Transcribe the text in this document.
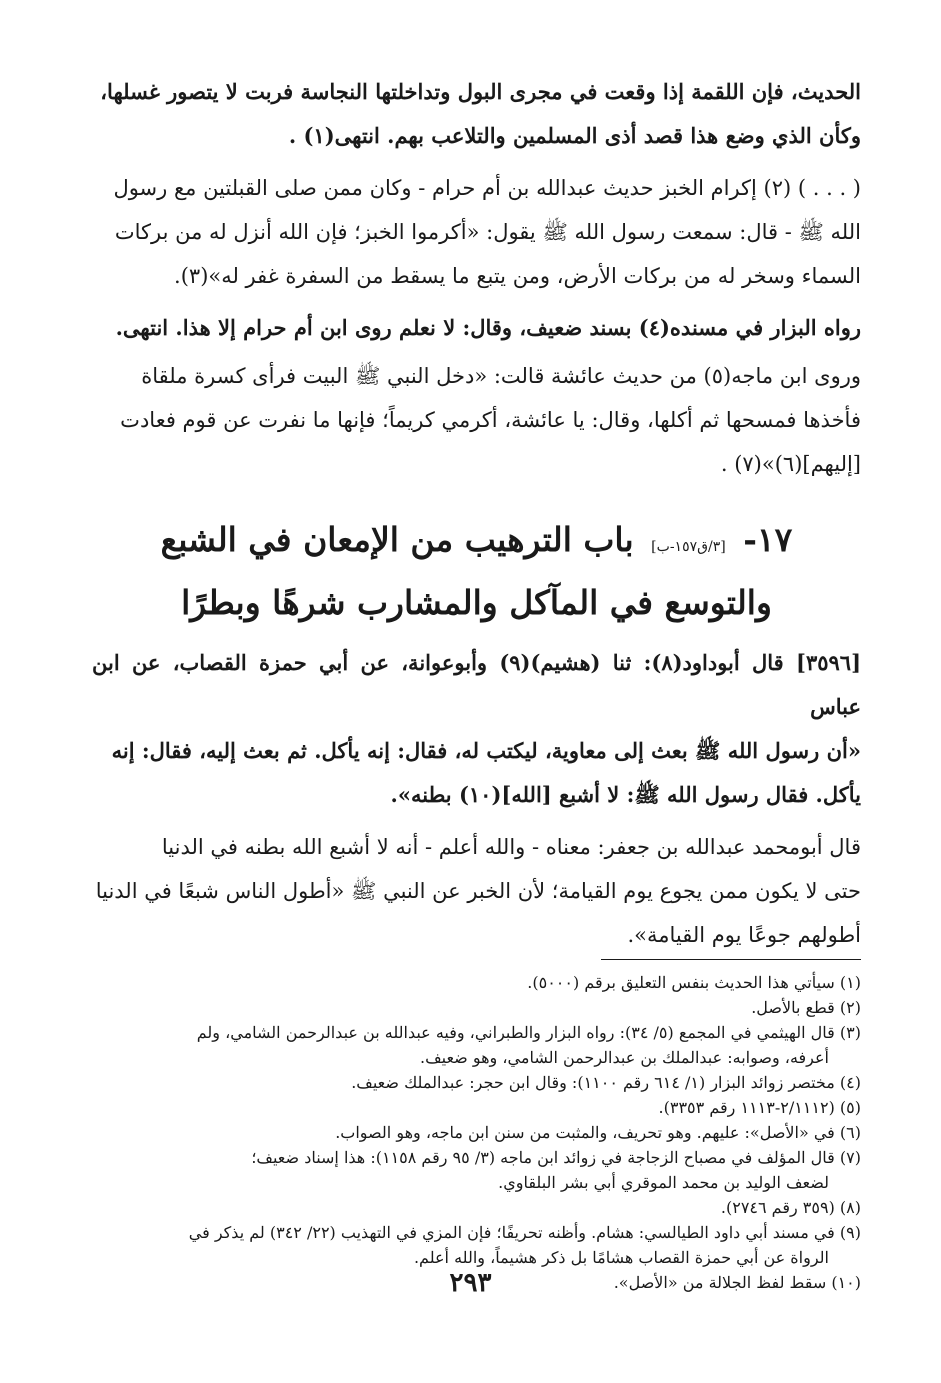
الحديث، فإن اللقمة إذا وقعت في مجرى البول وتداخلتها النجاسة فربت لا يتصور غسلها،

وكأن الذي وضع هذا قصد أذى المسلمين والتلاعب بهم. انتهى(١) .

( . . . ) (٢) إكرام الخبز حديث عبدالله بن أم حرام - وكان ممن صلى القبلتين مع رسول

الله ﷺ - قال: سمعت رسول الله ﷺ يقول: «أكرموا الخبز؛ فإن الله أنزل له من بركات

السماء وسخر له من بركات الأرض، ومن يتبع ما يسقط من السفرة غفر له»(٣).

رواه البزار في مسنده(٤) بسند ضعيف، وقال: لا نعلم روى ابن أم حرام إلا هذا. انتهى.

وروى ابن ماجه(٥) من حديث عائشة قالت: «دخل النبي ﷺ البيت فرأى كسرة ملقاة

فأخذها فمسحها ثم أكلها، وقال: يا عائشة، أكرمي كريماً؛ فإنها ما نفرت عن قوم فعادت

[إليهم](٦)»(٧) .

١٧- [٣/ق١٥٧-ب] باب الترهيب من الإمعان في الشبع

والتوسع في المآكل والمشارب شرهًا وبطرًا

[٣٥٩٦] قال أبوداود(٨): ثنا (هشيم)(٩) وأبوعوانة، عن أبي حمزة القصاب، عن ابن عباس

«أن رسول الله ﷺ بعث إلى معاوية، ليكتب له، فقال: إنه يأكل. ثم بعث إليه، فقال: إنه

يأكل. فقال رسول الله ﷺ: لا أشبع [الله](١٠) بطنه».

قال أبومحمد عبدالله بن جعفر: معناه - والله أعلم - أنه لا أشبع الله بطنه في الدنيا

حتى لا يكون ممن يجوع يوم القيامة؛ لأن الخبر عن النبي ﷺ «أطول الناس شبعًا في الدنيا

أطولهم جوعًا يوم القيامة».

(١) سيأتي هذا الحديث بنفس التعليق برقم (٥٠٠٠).

(٢) قطع بالأصل.

(٣) قال الهيثمي في المجمع (٥/ ٣٤): رواه البزار والطبراني، وفيه عبدالله بن عبدالرحمن الشامي، ولم

أعرفه، وصوابه: عبدالملك بن عبدالرحمن الشامي، وهو ضعيف.

(٤) مختصر زوائد البزار (١/ ٦١٤ رقم ١١٠٠): وقال ابن حجر: عبدالملك ضعيف.

(٥) (٢/١١١٢-١١١٣ رقم ٣٣٥٣).

(٦) في «الأصل»: عليهم. وهو تحريف، والمثبت من سنن ابن ماجه، وهو الصواب.

(٧) قال المؤلف في مصباح الزجاجة في زوائد ابن ماجه (٣/ ٩٥ رقم ١١٥٨): هذا إسناد ضعيف؛

لضعف الوليد بن محمد الموقري أبي بشر البلقاوي.

(٨) (٣٥٩ رقم ٢٧٤٦).

(٩) في مسند أبي داود الطيالسي: هشام. وأظنه تحريفًا؛ فإن المزي في التهذيب (٢٢/ ٣٤٢) لم يذكر في

الرواة عن أبي حمزة القصاب هشامًا بل ذكر هشيماً، والله أعلم.

(١٠) سقط لفظ الجلالة من «الأصل».

٢٩٣
